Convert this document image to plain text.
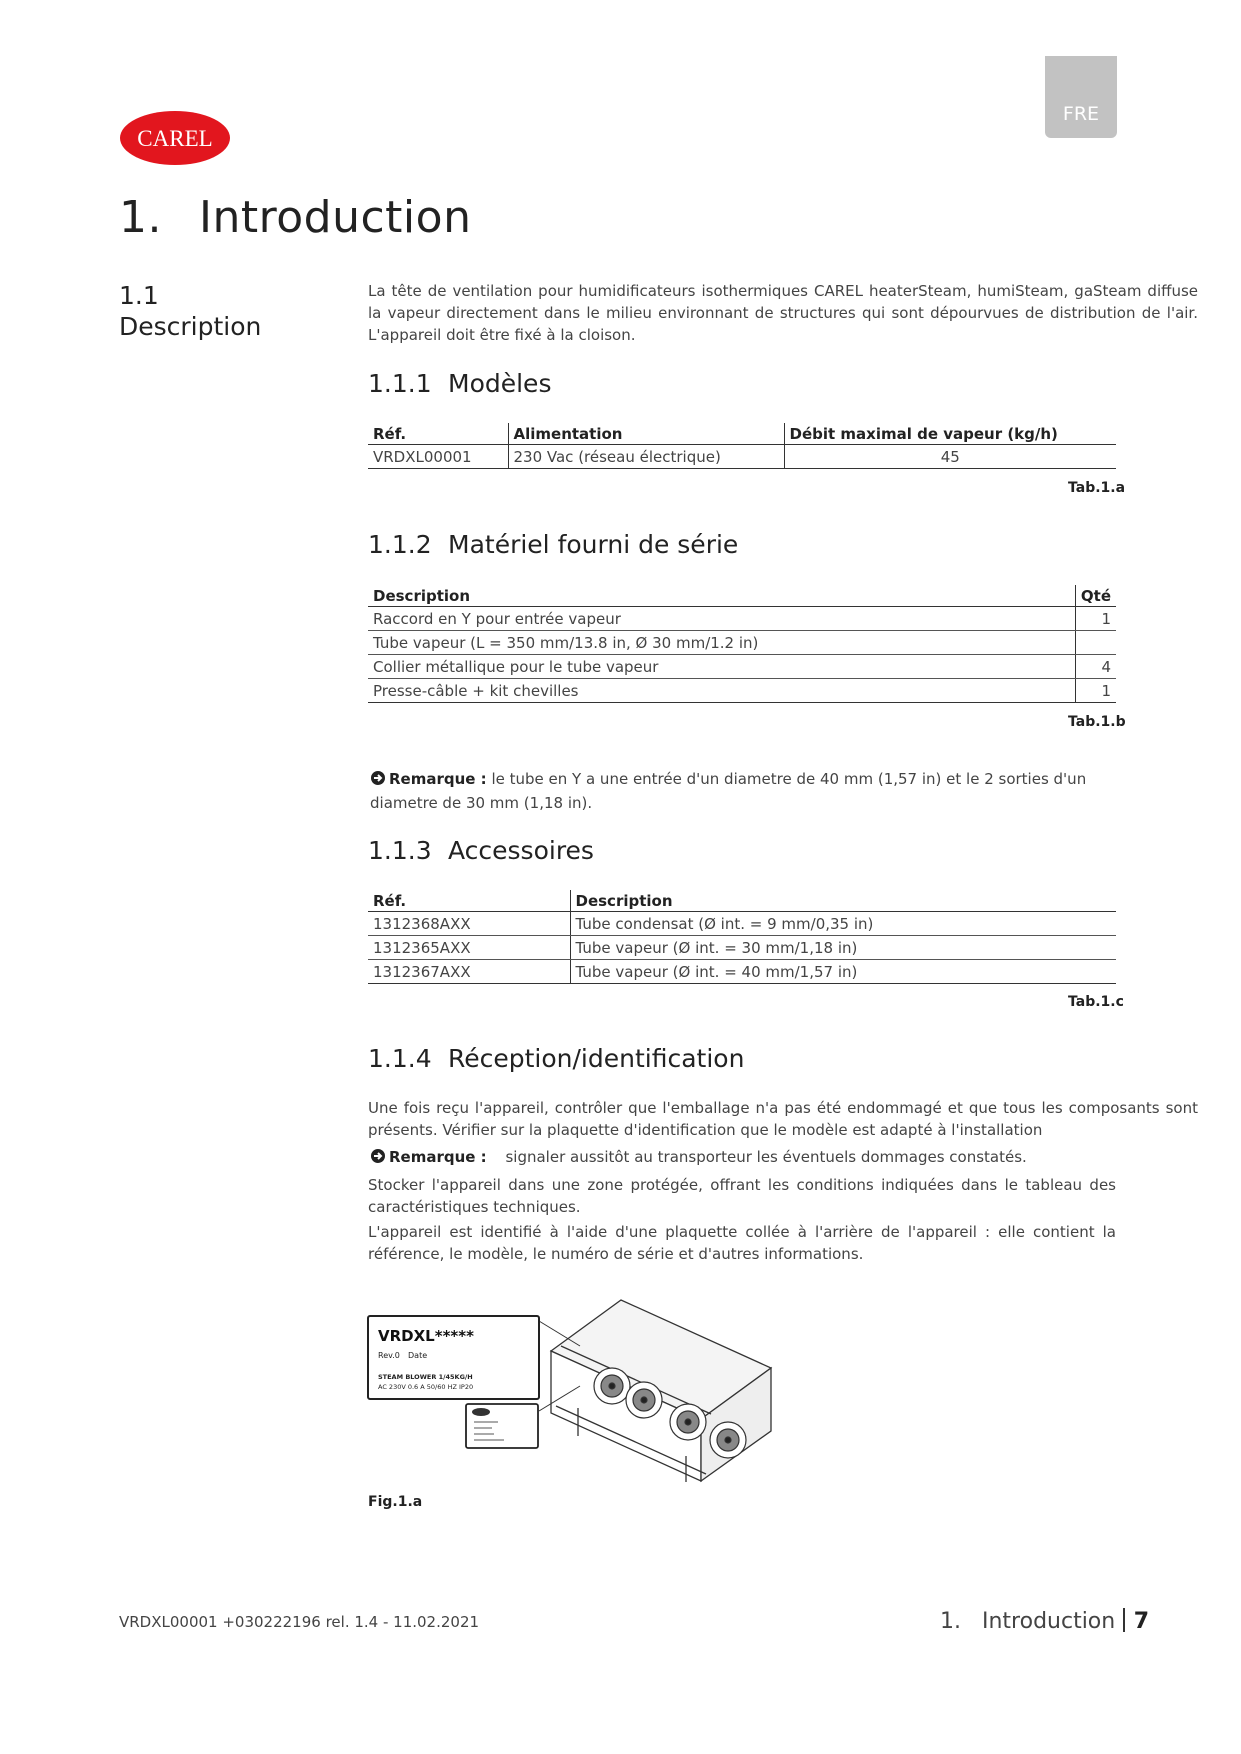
FRE
CAREL
1. Introduction
1.1
Description
La tête de ventilation pour humidificateurs isothermiques CAREL heaterSteam, humiSteam, gaSteam diffuse la vapeur directement dans le milieu environnant de structures qui sont dépourvues de distribution de l'air. L'appareil doit être fixé à la cloison.
1.1.1 Modèles
Réf.	Alimentation	Débit maximal de vapeur (kg/h)
VRDXL00001	230 Vac (réseau électrique)	45
Tab.1.a
1.1.2 Matériel fourni de série
Description	Qté
Raccord en Y pour entrée vapeur	1
Tube vapeur (L = 350 mm/13.8 in, Ø 30 mm/1.2 in)	
Collier métallique pour le tube vapeur	4
Presse-câble + kit chevilles	1
Tab.1.b
Remarque : le tube en Y a une entrée d'un diametre de 40 mm (1,57 in) et le 2 sorties d'un diametre de 30 mm (1,18 in).
1.1.3 Accessoires
Réf.	Description
1312368AXX	Tube condensat (Ø int. = 9 mm/0,35 in)
1312365AXX	Tube vapeur (Ø int. = 30 mm/1,18 in)
1312367AXX	Tube vapeur (Ø int. = 40 mm/1,57 in)
Tab.1.c
1.1.4 Réception/identification
Une fois reçu l'appareil, contrôler que l'emballage n'a pas été endommagé et que tous les composants sont présents. Vérifier sur la plaquette d'identification que le modèle est adapté à l'installation
Remarque : signaler aussitôt au transporteur les éventuels dommages constatés.
Stocker l'appareil dans une zone protégée, offrant les conditions indiquées dans le tableau des caractéristiques techniques.
L'appareil est identifié à l'aide d'une plaquette collée à l'arrière de l'appareil : elle contient la référence, le modèle, le numéro de série et d'autres informations.
VRDXL*****
Rev.0 Date
STEAM BLOWER 1/45KG/H
AC 230V 0.6 A 50/60 HZ IP20
Fig.1.a
VRDXL00001 +030222196 rel. 1.4 - 11.02.2021	1. Introduction 7
